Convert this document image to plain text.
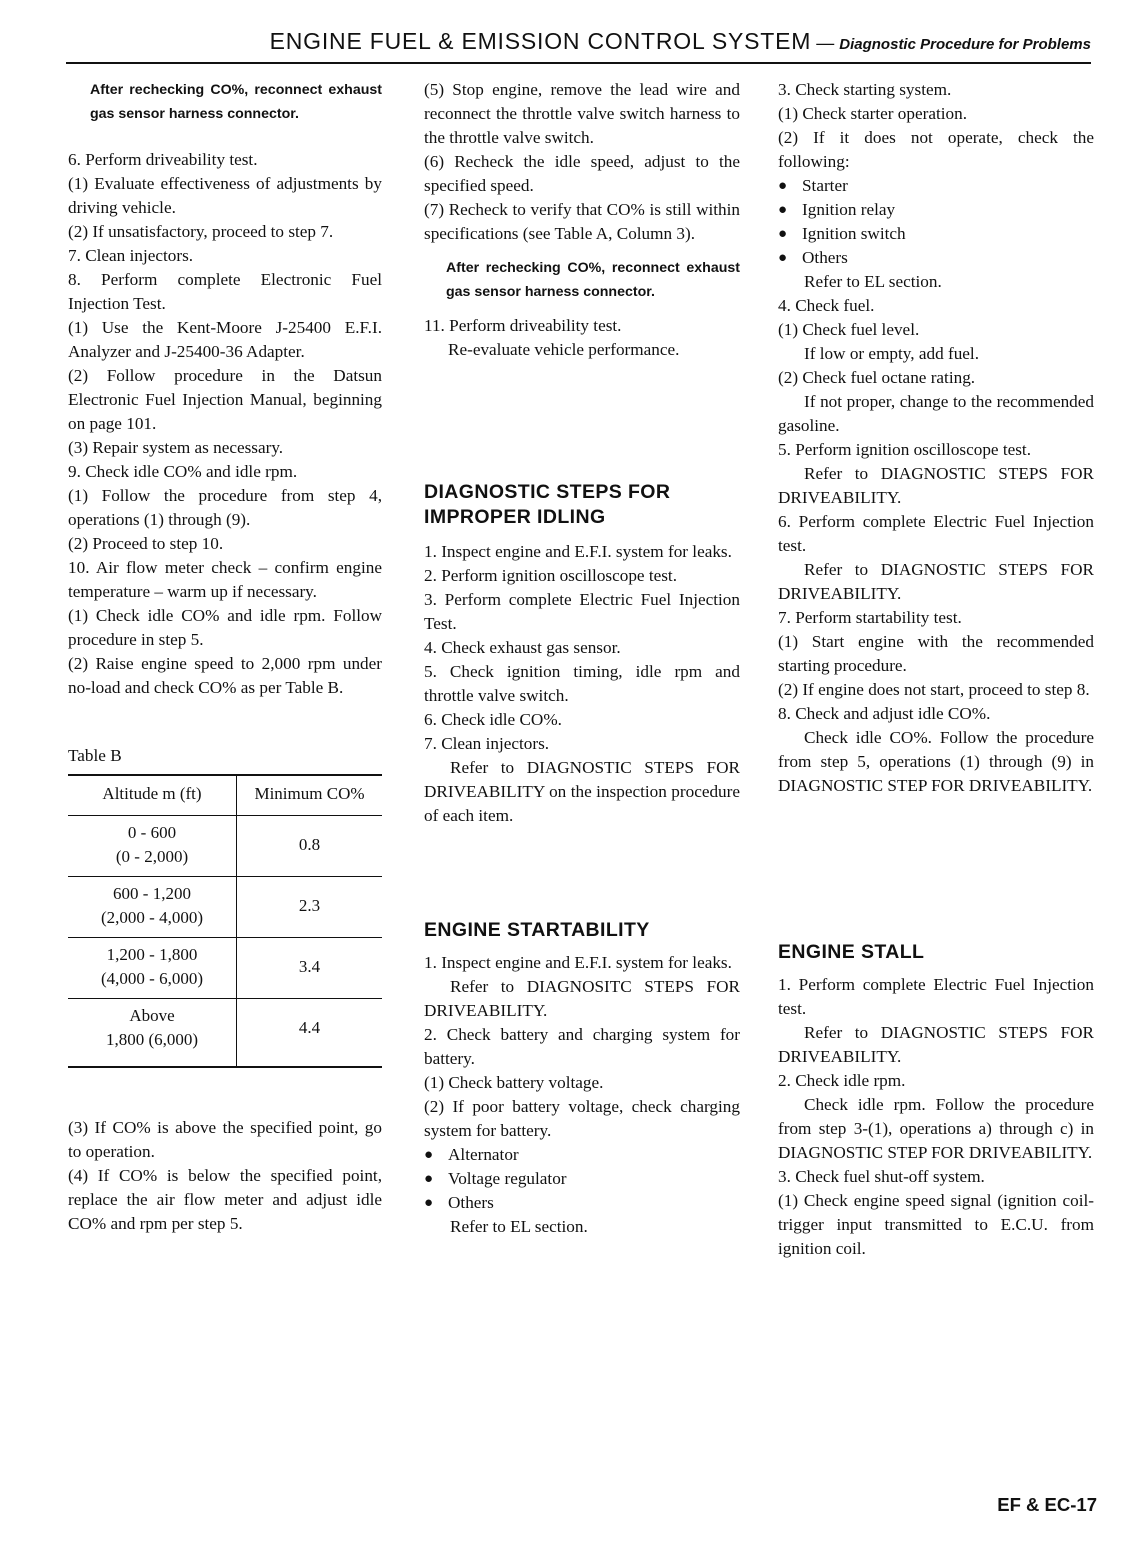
ENGINE FUEL & EMISSION CONTROL SYSTEM — Diagnostic Procedure for Problems

After rechecking CO%, reconnect exhaust gas sensor harness connector.

6. Perform driveability test.

(1) Evaluate effectiveness of adjustments by driving vehicle.

(2) If unsatisfactory, proceed to step 7.

7. Clean injectors.

8. Perform complete Electronic Fuel Injection Test.

(1) Use the Kent-Moore J-25400 E.F.I. Analyzer and J-25400-36 Adapter.

(2) Follow procedure in the Datsun Electronic Fuel Injection Manual, beginning on page 101.

(3) Repair system as necessary.

9. Check idle CO% and idle rpm.

(1) Follow the procedure from step 4, operations (1) through (9).

(2) Proceed to step 10.

10. Air flow meter check – confirm engine temperature – warm up if necessary.

(1) Check idle CO% and idle rpm. Follow procedure in step 5.

(2) Raise engine speed to 2,000 rpm under no-load and check CO% as per Table B.

Table B

Altitude m (ft)	Minimum CO%
0 - 600
(0 - 2,000)	0.8
600 - 1,200
(2,000 - 4,000)	2.3
1,200 - 1,800
(4,000 - 6,000)	3.4
Above
1,800 (6,000)	4.4

(3) If CO% is above the specified point, go to operation.

(4) If CO% is below the specified point, replace the air flow meter and adjust idle CO% and rpm per step 5.

(5) Stop engine, remove the lead wire and reconnect the throttle valve switch harness to the throttle valve switch.

(6) Recheck the idle speed, adjust to the specified speed.

(7) Recheck to verify that CO% is still within specifications (see Table A, Column 3).

After rechecking CO%, reconnect exhaust gas sensor harness connector.

11. Perform driveability test.

Re-evaluate vehicle performance.

DIAGNOSTIC STEPS FOR

IMPROPER IDLING

1. Inspect engine and E.F.I. system for leaks.

2. Perform ignition oscilloscope test.

3. Perform complete Electric Fuel Injection Test.

4. Check exhaust gas sensor.

5. Check ignition timing, idle rpm and throttle valve switch.

6. Check idle CO%.

7. Clean injectors.

Refer to DIAGNOSTIC STEPS FOR DRIVEABILITY on the inspection procedure of each item.

ENGINE STARTABILITY

1. Inspect engine and E.F.I. system for leaks.

Refer to DIAGNOSITC STEPS FOR DRIVEABILITY.

2. Check battery and charging system for battery.

(1) Check battery voltage.

(2) If poor battery voltage, check charging system for battery.

● Alternator
● Voltage regulator
● Others

Refer to EL section.

3. Check starting system.

(1) Check starter operation.

(2) If it does not operate, check the following:

● Starter
● Ignition relay
● Ignition switch
● Others

Refer to EL section.

4. Check fuel.

(1) Check fuel level.

If low or empty, add fuel.

(2) Check fuel octane rating.

If not proper, change to the recommended gasoline.

5. Perform ignition oscilloscope test.

Refer to DIAGNOSTIC STEPS FOR DRIVEABILITY.

6. Perform complete Electric Fuel Injection test.

Refer to DIAGNOSTIC STEPS FOR DRIVEABILITY.

7. Perform startability test.

(1) Start engine with the recommended starting procedure.

(2) If engine does not start, proceed to step 8.

8. Check and adjust idle CO%.

Check idle CO%. Follow the procedure from step 5, operations (1) through (9) in DIAGNOSTIC STEP FOR DRIVEABILITY.

ENGINE STALL

1. Perform complete Electric Fuel Injection test.

Refer to DIAGNOSTIC STEPS FOR DRIVEABILITY.

2. Check idle rpm.

Check idle rpm. Follow the procedure from step 3-(1), operations a) through c) in DIAGNOSTIC STEP FOR DRIVEABILITY.

3. Check fuel shut-off system.

(1) Check engine speed signal (ignition coil-trigger input transmitted to E.C.U. from ignition coil.

EF & EC-17
